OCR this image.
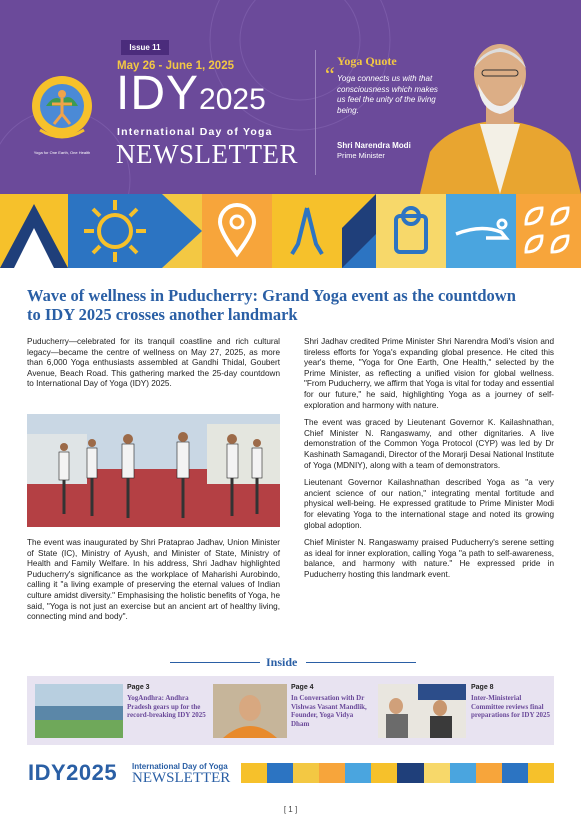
Yoga for One Earth, One Health
Issue 11
May 26 - June 1, 2025
IDY2025
International Day of Yoga
NEWSLETTER
Yoga Quote
“ Yoga connects us with that consciousness which makes us feel the unity of the living being.
Shri Narendra Modi
Prime Minister
Wave of wellness in Puducherry: Grand Yoga event as the countdown to IDY 2025 crosses another landmark

Puducherry—celebrated for its tranquil coastline and rich cultural legacy—became the centre of wellness on May 27, 2025, as more than 6,000 Yoga enthusiasts assembled at Gandhi Thidal, Goubert Avenue, Beach Road. This gathering marked the 25-day countdown to International Day of Yoga (IDY) 2025.

The event was inaugurated by Shri Prataprao Jadhav, Union Minister of State (IC), Ministry of Ayush, and Minister of State, Ministry of Health and Family Welfare. In his address, Shri Jadhav highlighted Puducherry's significance as the workplace of Maharishi Aurobindo, calling it "a living example of preserving the eternal values of Indian culture amidst diversity." Emphasising the holistic benefits of Yoga, he said, "Yoga is not just an exercise but an ancient art of healthy living, connecting mind and body".

Shri Jadhav credited Prime Minister Shri Narendra Modi's vision and tireless efforts for Yoga's expanding global presence. He cited this year's theme, "Yoga for One Earth, One Health," selected by the Prime Minister, as reflecting a unified vision for global wellness. "From Puducherry, we affirm that Yoga is vital for today and essential for our future," he said, highlighting Yoga as a journey of self-exploration and harmony with nature.

The event was graced by Lieutenant Governor K. Kailashnathan, Chief Minister N. Rangaswamy, and other dignitaries. A live demonstration of the Common Yoga Protocol (CYP) was led by Dr Kashinath Samagandi, Director of the Morarji Desai National Institute of Yoga (MDNIY), along with a team of demonstrators.

Lieutenant Governor Kailashnathan described Yoga as "a very ancient science of our nation," integrating mental fortitude and physical well-being. He expressed gratitude to Prime Minister Modi for elevating Yoga to the international stage and noted its growing global adoption.

Chief Minister N. Rangaswamy praised Puducherry's serene setting as ideal for inner exploration, calling Yoga "a path to self-awareness, balance, and harmony with nature." He expressed pride in Puducherry hosting this landmark event.

Inside
Page 3
YogAndhra: Andhra Pradesh gears up for the record-breaking IDY 2025
Page 4
In Conversation with Dr Vishwas Vasant Mandlik, Founder, Yoga Vidya Dham
Page 8
Inter-Ministerial Committee reviews final preparations for IDY 2025
IDY2025 International Day of Yoga
NEWSLETTER
[ 1 ]
